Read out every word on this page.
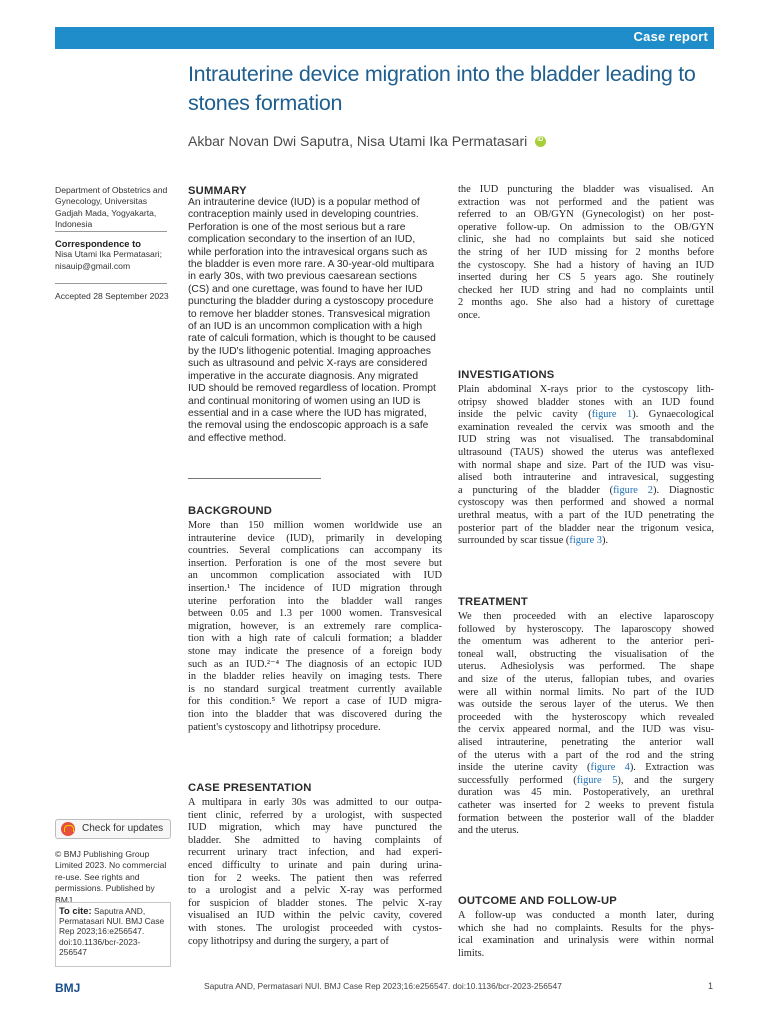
Case report
Intrauterine device migration into the bladder leading to stones formation
Akbar Novan Dwi Saputra, Nisa Utami Ika PermatasariiD
Department of Obstetrics and Gynecology, Universitas Gadjah Mada, Yogyakarta, Indonesia
Correspondence to
Nisa Utami Ika Permatasari;
nisauip@gmail.com
Accepted 28 September 2023
Check for updates
© BMJ Publishing Group Limited 2023. No commercial re-use. See rights and permissions. Published by BMJ.
To cite: Saputra AND, Permatasari NUI. BMJ Case Rep 2023;16:e256547. doi:10.1136/bcr-2023-256547
SUMMARY
An intrauterine device (IUD) is a popular method of contraception mainly used in developing countries. Perforation is one of the most serious but a rare complication secondary to the insertion of an IUD, while perforation into the intravesical organs such as the bladder is even more rare. A 30-year-old multipara in early 30s, with two previous caesarean sections (CS) and one curettage, was found to have her IUD puncturing the bladder during a cystoscopy procedure to remove her bladder stones. Transvesical migration of an IUD is an uncommon complication with a high rate of calculi formation, which is thought to be caused by the IUD's lithogenic potential. Imaging approaches such as ultrasound and pelvic X-rays are considered imperative in the accurate diagnosis. Any migrated IUD should be removed regardless of location. Prompt and continual monitoring of women using an IUD is essential and in a case where the IUD has migrated, the removal using the endoscopic approach is a safe and effective method.
BACKGROUND
More than 150 million women worldwide use an
intrauterine device (IUD), primarily in developing
countries. Several complications can accompany its
insertion. Perforation is one of the most severe but
an uncommon complication associated with IUD
insertion.¹ The incidence of IUD migration through
uterine perforation into the bladder wall ranges
between 0.05 and 1.3 per 1000 women. Transvesical
migration, however, is an extremely rare complica-
tion with a high rate of calculi formation; a bladder
stone may indicate the presence of a foreign body
such as an IUD.²⁻⁴ The diagnosis of an ectopic IUD
in the bladder relies heavily on imaging tests. There
is no standard surgical treatment currently available
for this condition.⁵ We report a case of IUD migra-
tion into the bladder that was discovered during the
patient's cystoscopy and lithotripsy procedure.
CASE PRESENTATION
A multipara in early 30s was admitted to our outpa-
tient clinic, referred by a urologist, with suspected
IUD migration, which may have punctured the
bladder. She admitted to having complaints of
recurrent urinary tract infection, and had experi-
enced difficulty to urinate and pain during urina-
tion for 2 weeks. The patient then was referred
to a urologist and a pelvic X-ray was performed
for suspicion of bladder stones. The pelvic X-ray
visualised an IUD within the pelvic cavity, covered
with stones. The urologist proceeded with cystos-
copy lithotripsy and during the surgery, a part of
the IUD puncturing the bladder was visualised. An
extraction was not performed and the patient was
referred to an OB/GYN (Gynecologist) on her post-
operative follow-up. On admission to the OB/GYN
clinic, she had no complaints but said she noticed
the string of her IUD missing for 2 months before
the cystoscopy. She had a history of having an IUD
inserted during her CS 5 years ago. She routinely
checked her IUD string and had no complaints until
2 months ago. She also had a history of curettage
once.
INVESTIGATIONS
Plain abdominal X-rays prior to the cystoscopy lith-
otripsy showed bladder stones with an IUD found
inside the pelvic cavity (figure 1). Gynaecological
examination revealed the cervix was smooth and the
IUD string was not visualised. The transabdominal
ultrasound (TAUS) showed the uterus was anteflexed
with normal shape and size. Part of the IUD was visu-
alised both intrauterine and intravesical, suggesting
a puncturing of the bladder (figure 2). Diagnostic
cystoscopy was then performed and showed a normal
urethral meatus, with a part of the IUD penetrating the
posterior part of the bladder near the trigonum vesica,
surrounded by scar tissue (figure 3).
TREATMENT
We then proceeded with an elective laparoscopy
followed by hysteroscopy. The laparoscopy showed
the omentum was adherent to the anterior peri-
toneal wall, obstructing the visualisation of the
uterus. Adhesiolysis was performed. The shape
and size of the uterus, fallopian tubes, and ovaries
were all within normal limits. No part of the IUD
was outside the serous layer of the uterus. We then
proceeded with the hysteroscopy which revealed
the cervix appeared normal, and the IUD was visu-
alised intrauterine, penetrating the anterior wall
of the uterus with a part of the rod and the string
inside the uterine cavity (figure 4). Extraction was
successfully performed (figure 5), and the surgery
duration was 45 min. Postoperatively, an urethral
catheter was inserted for 2 weeks to prevent fistula
formation between the posterior wall of the bladder
and the uterus.
OUTCOME AND FOLLOW-UP
A follow-up was conducted a month later, during
which she had no complaints. Results for the phys-
ical examination and urinalysis were within normal
limits.
BMJ	Saputra AND, Permatasari NUI. BMJ Case Rep 2023;16:e256547. doi:10.1136/bcr-2023-256547	1
